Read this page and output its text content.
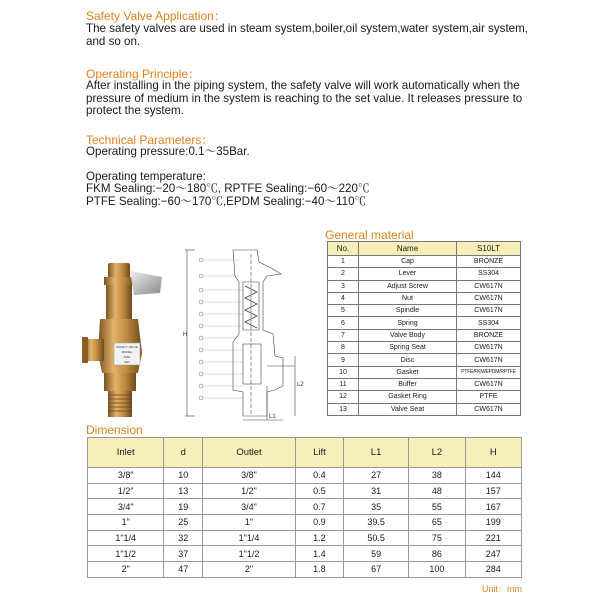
Safety Valve Application：
The safety valves are used in steam system,boiler,oil system,water system,air system, and so on.
Operating Principle：
After installing in the piping system, the safety valve will work automatically when the pressure of medium in the system is reaching to the set value. It releases pressure to protect the system.
Technical Parameters：
Operating pressure:0.1～35Bar.
Operating temperature:
FKM Sealing:−20～180℃, RPTFE Sealing:−60～220℃
PTFE Sealing:−60～170℃,EPDM Sealing:−40～110℃
SAFETY VALVE
MODEL
SIZE
SET
H
L1
L2
General material
No.	Name	S10LT
1	Cap	BRONZE
2	Lever	SS304
3	Adjust Screw	CW617N
4	Nut	CW617N
5	Spindle	CW617N
6	Spring	SS304
7	Valve Body	BRONZE
8	Spring Seat	CW617N
9	Disc	CW617N
10	Gasket	PTFE/FKM/EPDM/RPTFE
11	Buffer	CW617N
12	Gasket Ring	PTFE
13	Valve Seat	CW617N
Dimension
Inlet	d	Outlet	Lift	L1	L2	H
3/8"	10	3/8"	0.4	27	38	144
1/2"	13	1/2"	0.5	31	48	157
3/4"	19	3/4"	0.7	35	55	167
1"	25	1"	0.9	39.5	65	199
1"1/4	32	1"1/4	1.2	50.5	75	221
1"1/2	37	1"1/2	1.4	59	86	247
2"	47	2"	1.8	67	100	284
Unit：mm
